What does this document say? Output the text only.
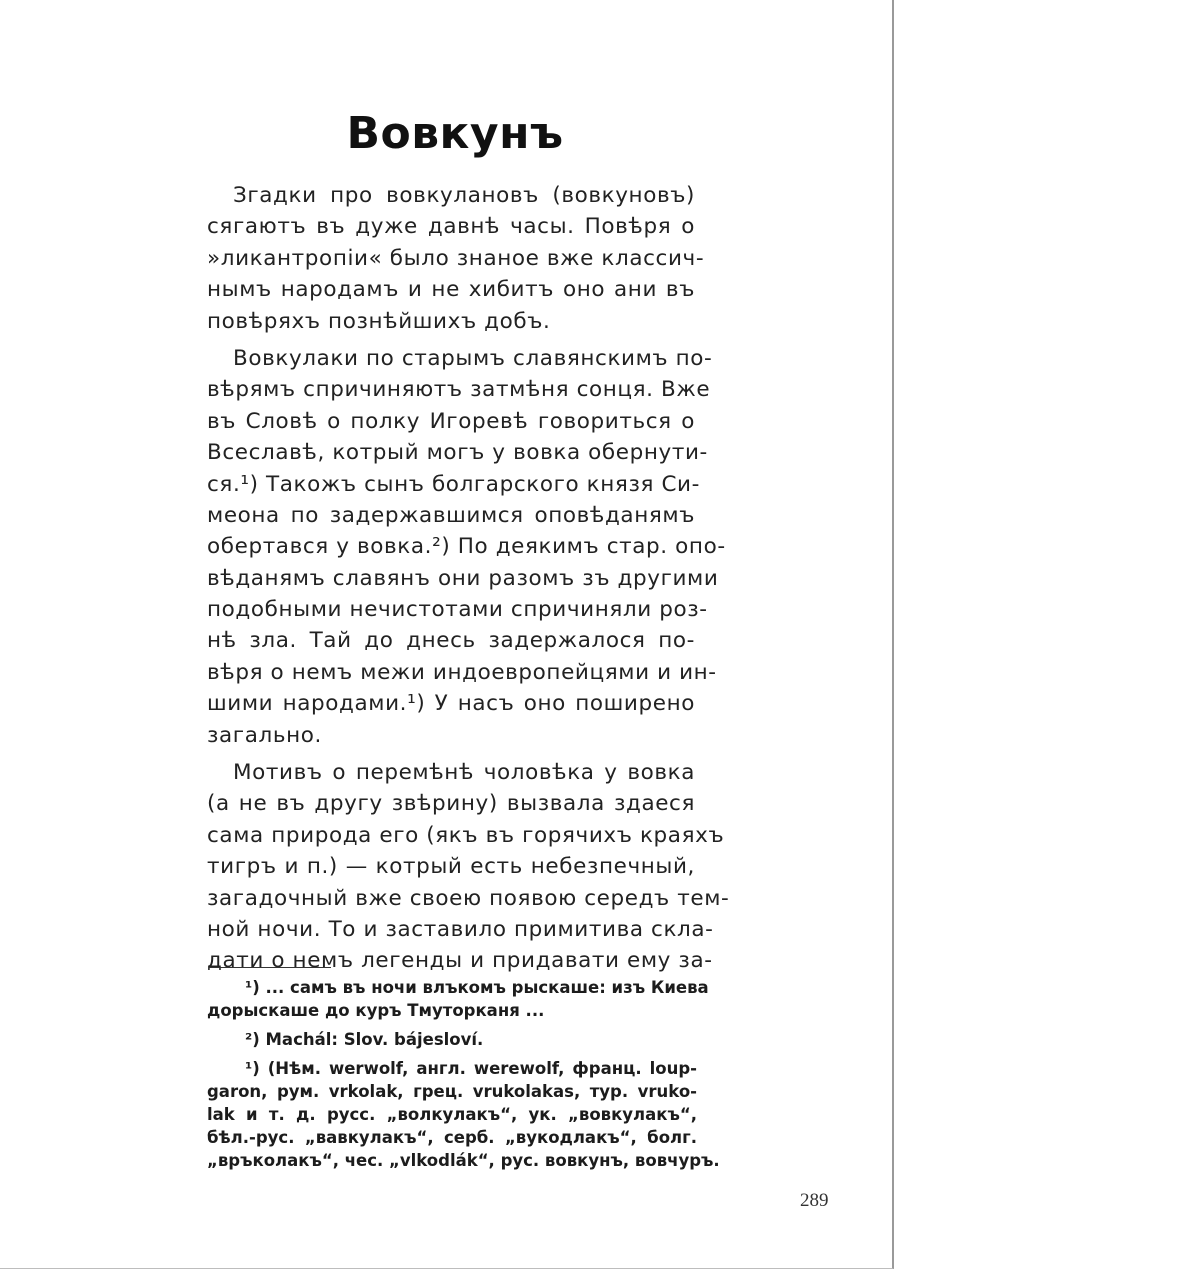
Вовкунъ
Згадки про вовкулановъ (вовкуновъ)
сягаютъ въ дуже давнѣ часы. Повѣря о
»ликантропіи« было знаное вже классич-
нымъ народамъ и не хибитъ оно ани въ
повѣряхъ познѣйшихъ добъ.
Вовкулаки по старымъ славянскимъ по-
вѣрямъ спричиняютъ затмѣня сонця. Вже
въ Словѣ о полку Игоревѣ говориться о
Всеславѣ, котрый могъ у вовка обернути-
ся.¹) Такожъ сынъ болгарского князя Си-
меона по задержавшимся оповѣданямъ
обертався у вовка.²) По деякимъ стар. опо-
вѣданямъ славянъ они разомъ зъ другими
подобными нечистотами спричиняли роз-
нѣ зла. Тай до днесь задержалося по-
вѣря о немъ межи индоевропейцями и ин-
шими народами.¹) У насъ оно поширено
загально.
Мотивъ о перемѣнѣ чоловѣка у вовка
(а не въ другу звѣрину) вызвала здаеся
сама природа его (якъ въ горячихъ краяхъ
тигръ и п.) — котрый есть небезпечный,
загадочный вже своею появою середъ тем-
ной ночи. То и заставило примитива скла-
дати о немъ легенды и придавати ему за-
¹) ... самъ въ ночи влъкомъ рыскаше: изъ Киева
дорыскаше до куръ Тмуторканя ...
²) Machál: Slov. bájesloví.
¹) (Нѣм. werwolf, англ. werewolf, франц. loup-
garon, рум. vrkolak, грец. vrukolakas, тур. vruko-
lak и т. д. русс. „волкулакъ“, ук. „вовкулакъ“,
бѣл.-рус. „вавкулакъ“, серб. „вукодлакъ“, болг.
„връколакъ“, чес. „vlkodlák“, рус. вовкунъ, вовчуръ.
289
